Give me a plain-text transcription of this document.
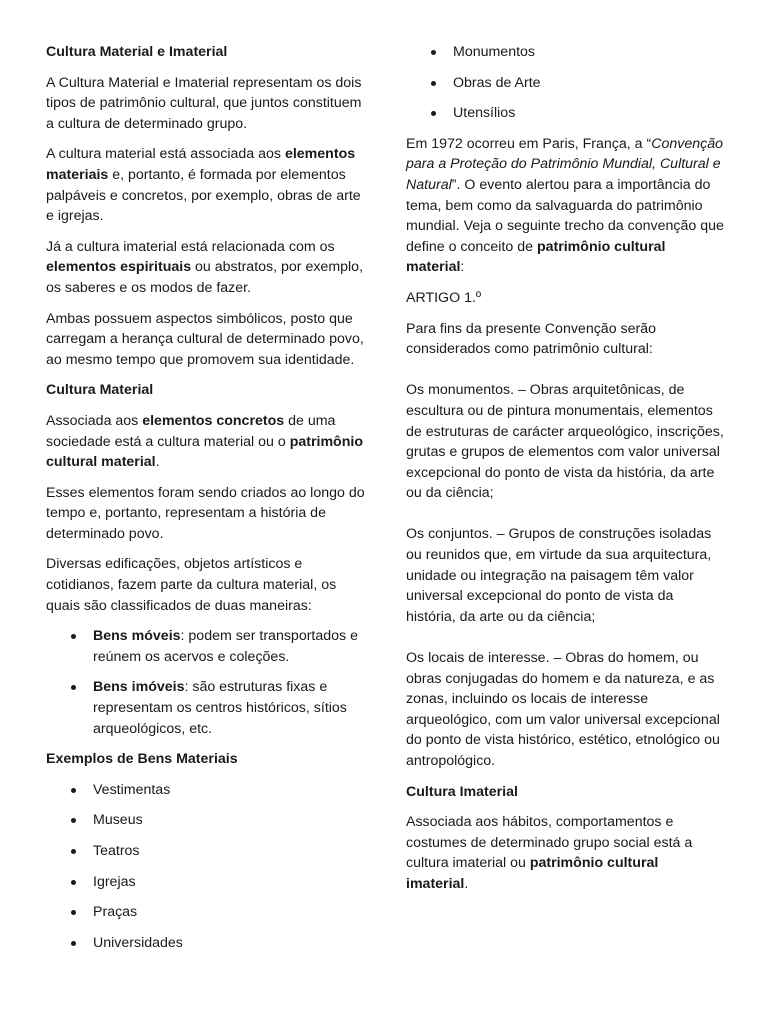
Cultura Material e Imaterial

A Cultura Material e Imaterial representam os dois tipos de patrimônio cultural, que juntos constituem a cultura de determinado grupo.

A cultura material está associada aos elementos materiais e, portanto, é formada por elementos palpáveis e concretos, por exemplo, obras de arte e igrejas.

Já a cultura imaterial está relacionada com os elementos espirituais ou abstratos, por exemplo, os saberes e os modos de fazer.

Ambas possuem aspectos simbólicos, posto que carregam a herança cultural de determinado povo, ao mesmo tempo que promovem sua identidade.

Cultura Material

Associada aos elementos concretos de uma sociedade está a cultura material ou o patrimônio cultural material.

Esses elementos foram sendo criados ao longo do tempo e, portanto, representam a história de determinado povo.

Diversas edificações, objetos artísticos e cotidianos, fazem parte da cultura material, os quais são classificados de duas maneiras:

Bens móveis: podem ser transportados e reúnem os acervos e coleções.
Bens imóveis: são estruturas fixas e representam os centros históricos, sítios arqueológicos, etc.
Exemplos de Bens Materiais
Vestimentas
Museus
Teatros
Igrejas
Praças
Universidades
Monumentos
Obras de Arte
Utensílios

Em 1972 ocorreu em Paris, França, a “Convenção para a Proteção do Patrimônio Mundial, Cultural e Natural”. O evento alertou para a importância do tema, bem como da salvaguarda do patrimônio mundial. Veja o seguinte trecho da convenção que define o conceito de patrimônio cultural material:

ARTIGO 1.º

Para fins da presente Convenção serão considerados como patrimônio cultural:

Os monumentos. – Obras arquitetônicas, de escultura ou de pintura monumentais, elementos de estruturas de carácter arqueológico, inscrições, grutas e grupos de elementos com valor universal excepcional do ponto de vista da história, da arte ou da ciência;

Os conjuntos. – Grupos de construções isoladas ou reunidos que, em virtude da sua arquitectura, unidade ou integração na paisagem têm valor universal excepcional do ponto de vista da história, da arte ou da ciência;

Os locais de interesse. – Obras do homem, ou obras conjugadas do homem e da natureza, e as zonas, incluindo os locais de interesse arqueológico, com um valor universal excepcional do ponto de vista histórico, estético, etnológico ou antropológico.

Cultura Imaterial

Associada aos hábitos, comportamentos e costumes de determinado grupo social está a cultura imaterial ou patrimônio cultural imaterial.
